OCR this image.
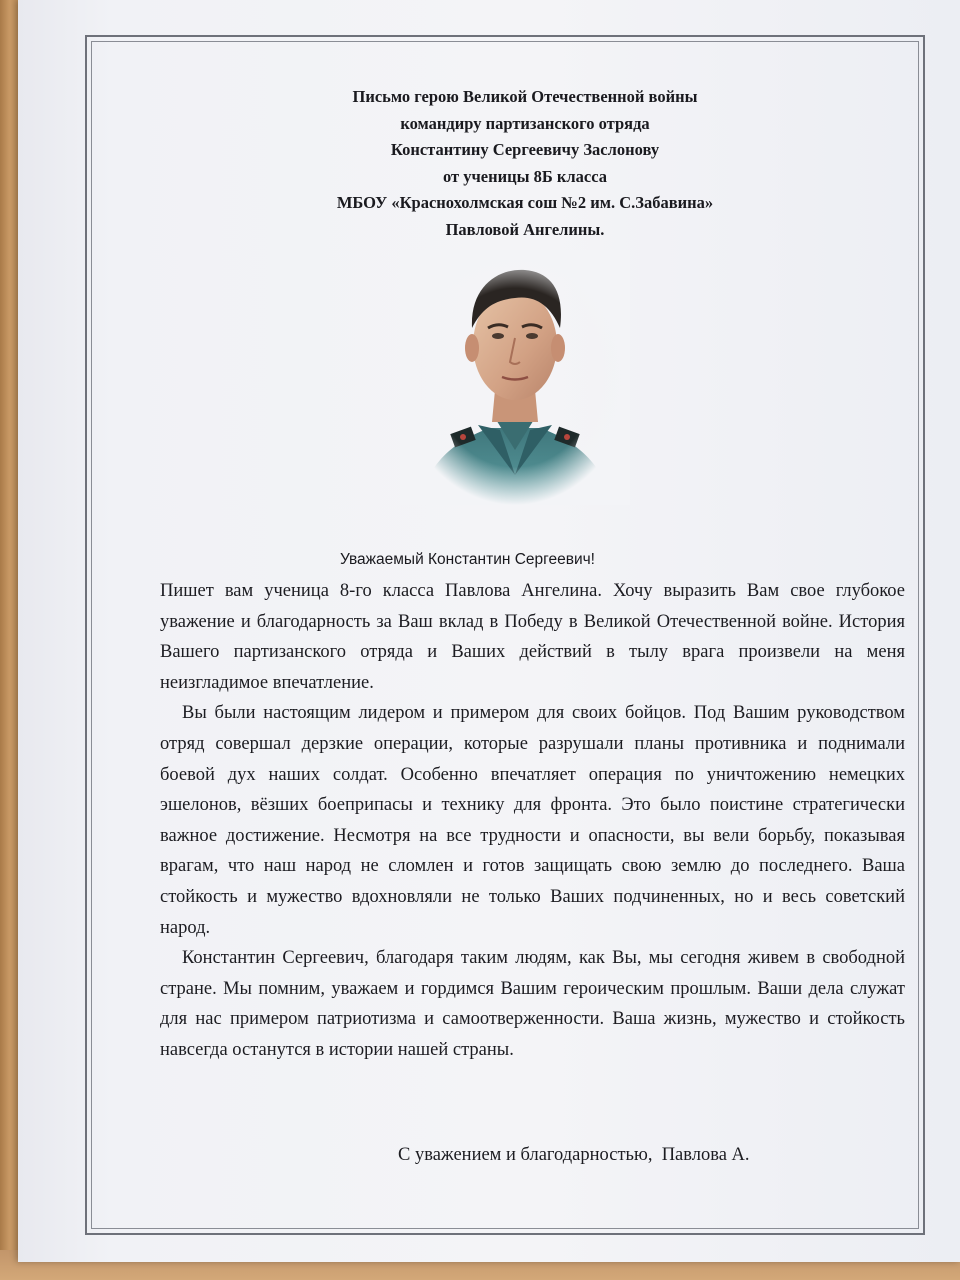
Письмо герою Великой Отечественной войны
командиру партизанского отряда
Константину Сергеевичу Заслонову
от ученицы 8Б класса
МБОУ «Краснохолмская сош №2 им. С.Забавина»
Павловой Ангелины.
Уважаемый Константин Сергеевич!

Пишет вам ученица 8-го класса Павлова Ангелина. Хочу выразить Вам свое глубокое уважение и благодарность за Ваш вклад в Победу в Великой Отечественной войне. История Вашего партизанского отряда и Ваших действий в тылу врага произвели на меня неизгладимое впечатление.

Вы были настоящим лидером и примером для своих бойцов. Под Вашим руководством отряд совершал дерзкие операции, которые разрушали планы противника и поднимали боевой дух наших солдат. Особенно впечатляет операция по уничтожению немецких эшелонов, вёзших боеприпасы и технику для фронта. Это было поистине стратегически важное достижение. Несмотря на все трудности и опасности, вы вели борьбу, показывая врагам, что наш народ не сломлен и готов защищать свою землю до последнего. Ваша стойкость и мужество вдохновляли не только Ваших подчиненных, но и весь советский народ.

Константин Сергеевич, благодаря таким людям, как Вы, мы сегодня живем в свободной стране. Мы помним, уважаем и гордимся Вашим героическим прошлым. Ваши дела служат для нас примером патриотизма и самоотверженности. Ваша жизнь, мужество и стойкость навсегда останутся в истории нашей страны.

С уважением и благодарностью,  Павлова А.
